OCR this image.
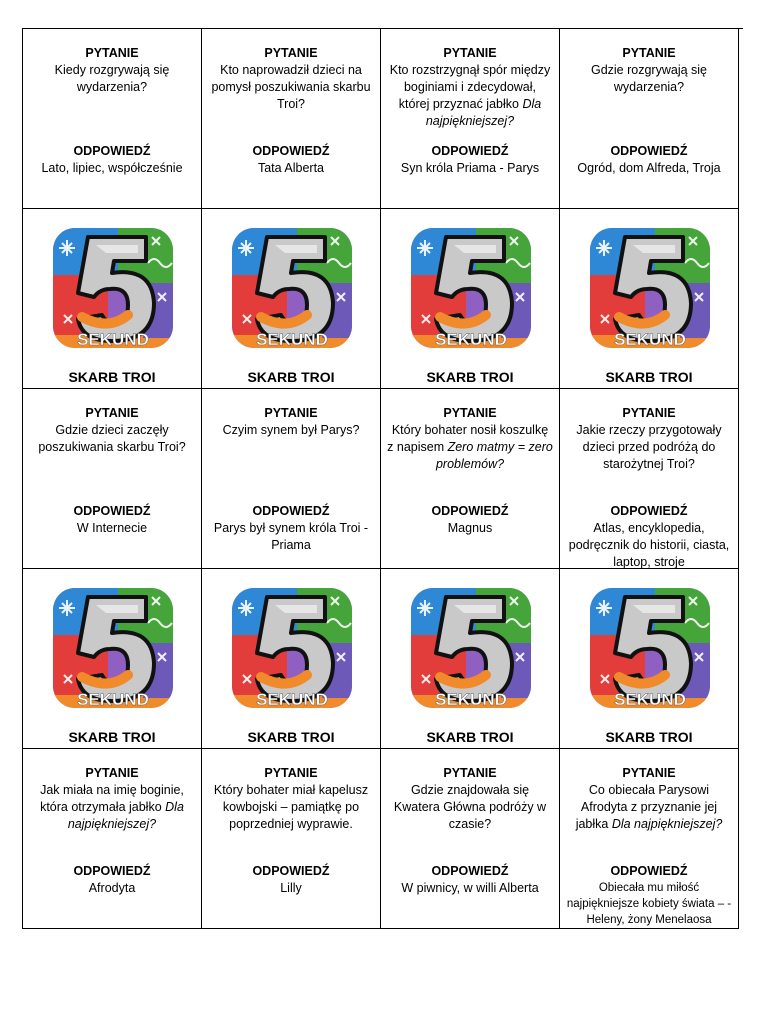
PYTANIE
Kiedy rozgrywają się wydarzenia?
ODPOWIEDŹ
Lato, lipiec, współcześnie
PYTANIE
Kto naprowadził dzieci na pomysł poszukiwania skarbu Troi?
ODPOWIEDŹ
Tata Alberta
PYTANIE
Kto rozstrzygnął spór między boginiami i zdecydował, której przyznać jabłko Dla najpiękniejszej?
ODPOWIEDŹ
Syn króla Priama - Parys
PYTANIE
Gdzie rozgrywają się wydarzenia?
ODPOWIEDŹ
Ogród, dom Alfreda, Troja
SEKUND
SKARB TROI
SEKUND
SKARB TROI
SEKUND
SKARB TROI
SEKUND
SKARB TROI
PYTANIE
Gdzie dzieci zaczęły poszukiwania skarbu Troi?
ODPOWIEDŹ
W Internecie
PYTANIE
Czyim synem był Parys?
ODPOWIEDŹ
Parys był synem króla Troi - Priama
PYTANIE
Który bohater nosił koszulkę z napisem Zero matmy = zero problemów?
ODPOWIEDŹ
Magnus
PYTANIE
Jakie rzeczy przygotowały dzieci przed podróżą do starożytnej Troi?
ODPOWIEDŹ
Atlas, encyklopedia, podręcznik do historii, ciasta, laptop, stroje
SEKUND
SKARB TROI
SEKUND
SKARB TROI
SEKUND
SKARB TROI
SEKUND
SKARB TROI
PYTANIE
Jak miała na imię boginie, która otrzymała jabłko Dla najpiękniejszej?
ODPOWIEDŹ
Afrodyta
PYTANIE
Który bohater miał kapelusz kowbojski – pamiątkę po poprzedniej wyprawie.
ODPOWIEDŹ
Lilly
PYTANIE
Gdzie znajdowała się Kwatera Główna podróży w czasie?
ODPOWIEDŹ
W piwnicy, w willi Alberta
PYTANIE
Co obiecała Parysowi Afrodyta z przyznanie jej jabłka Dla najpiękniejszej?
ODPOWIEDŹ
Obiecała mu miłość najpiękniejsze kobiety świata – - Heleny, żony Menelaosa
